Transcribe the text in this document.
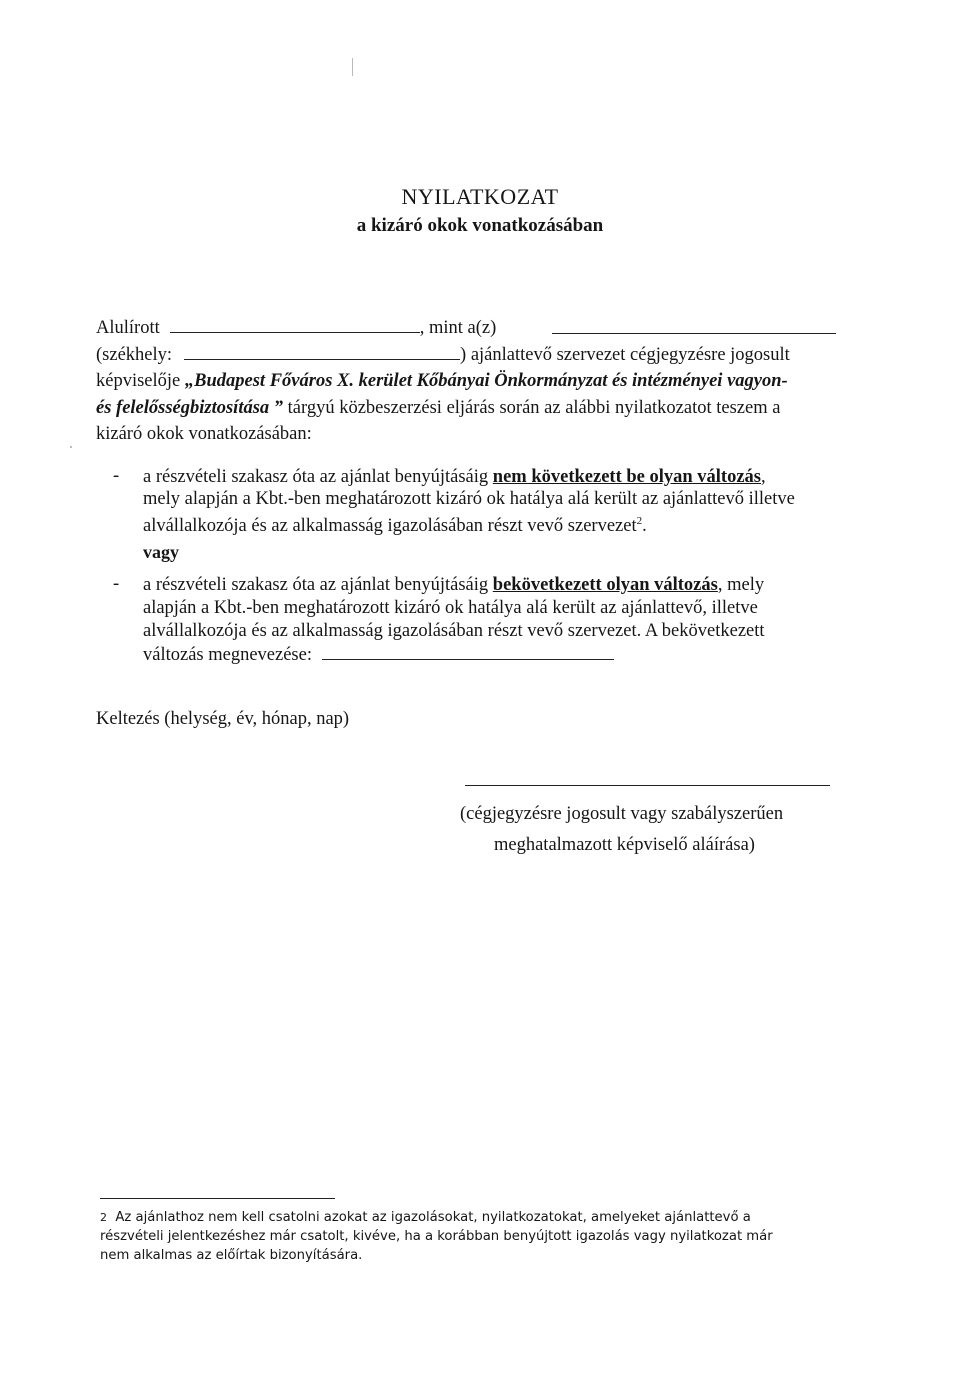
NYILATKOZAT
a kizáró okok vonatkozásában
Alulírott	, mint a(z)
(székhely:	) ajánlattevő szervezet cégjegyzésre jogosult
képviselője „Budapest Főváros X. kerület Kőbányai Önkormányzat és intézményei vagyon-
és felelősségbiztosítása ” tárgyú közbeszerzési eljárás során az alábbi nyilatkozatot teszem a
kizáró okok vonatkozásában:
- a részvételi szakasz óta az ajánlat benyújtásáig nem következett be olyan változás,
mely alapján a Kbt.-ben meghatározott kizáró ok hatálya alá került az ajánlattevő illetve
alvállalkozója és az alkalmasság igazolásában részt vevő szervezet$^2$.
vagy
- a részvételi szakasz óta az ajánlat benyújtásáig bekövetkezett olyan változás, mely
alapján a Kbt.-ben meghatározott kizáró ok hatálya alá került az ajánlattevő, illetve
alvállalkozója és az alkalmasság igazolásában részt vevő szervezet. A bekövetkezett
változás megnevezése:
Keltezés (helység, év, hónap, nap)
(cégjegyzésre jogosult vagy szabályszerűen
meghatalmazott képviselő aláírása)
2 Az ajánlathoz nem kell csatolni azokat az igazolásokat, nyilatkozatokat, amelyeket ajánlattevő a
részvételi jelentkezéshez már csatolt, kivéve, ha a korábban benyújtott igazolás vagy nyilatkozat már
nem alkalmas az előírtak bizonyítására.
